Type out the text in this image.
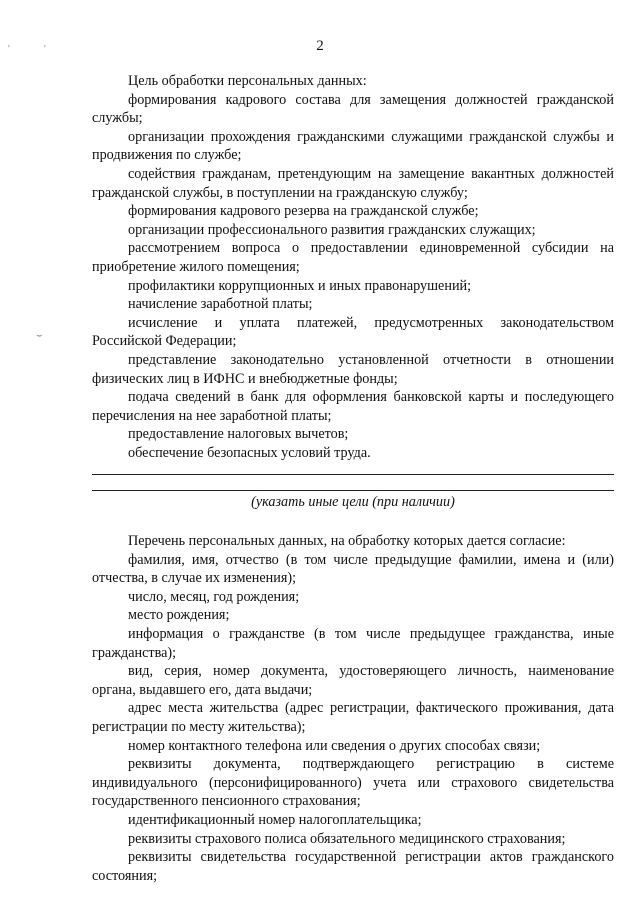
'	'
⌣
2

Цель обработки персональных данных:

формирования кадрового состава для замещения должностей гражданской службы;

организации прохождения гражданскими служащими гражданской службы и продвижения по службе;

содействия гражданам, претендующим на замещение вакантных должностей гражданской службы, в поступлении на гражданскую службу;

формирования кадрового резерва на гражданской службе;

организации профессионального развития гражданских служащих;

рассмотрением вопроса о предоставлении единовременной субсидии на приобретение жилого помещения;

профилактики коррупционных и иных правонарушений;

начисление заработной платы;

исчисление и уплата платежей, предусмотренных законодательством Российской Федерации;

представление законодательно установленной отчетности в отношении физических лиц в ИФНС и внебюджетные фонды;

подача сведений в банк для оформления банковской карты и последующего перечисления на нее заработной платы;

предоставление налоговых вычетов;

обеспечение безопасных условий труда.

(указать иные цели (при наличии)

Перечень персональных данных, на обработку которых дается согласие:

фамилия, имя, отчество (в том числе предыдущие фамилии, имена и (или) отчества, в случае их изменения);

число, месяц, год рождения;

место рождения;

информация о гражданстве (в том числе предыдущее гражданства, иные гражданства);

вид, серия, номер документа, удостоверяющего личность, наименование органа, выдавшего его, дата выдачи;

адрес места жительства (адрес регистрации, фактического проживания, дата регистрации по месту жительства);

номер контактного телефона или сведения о других способах связи;

реквизиты документа, подтверждающего регистрацию в системе индивидуального (персонифицированного) учета или страхового свидетельства государственного пенсионного страхования;

идентификационный номер налогоплательщика;

реквизиты страхового полиса обязательного медицинского страхования;

реквизиты свидетельства государственной регистрации актов гражданского состояния;
